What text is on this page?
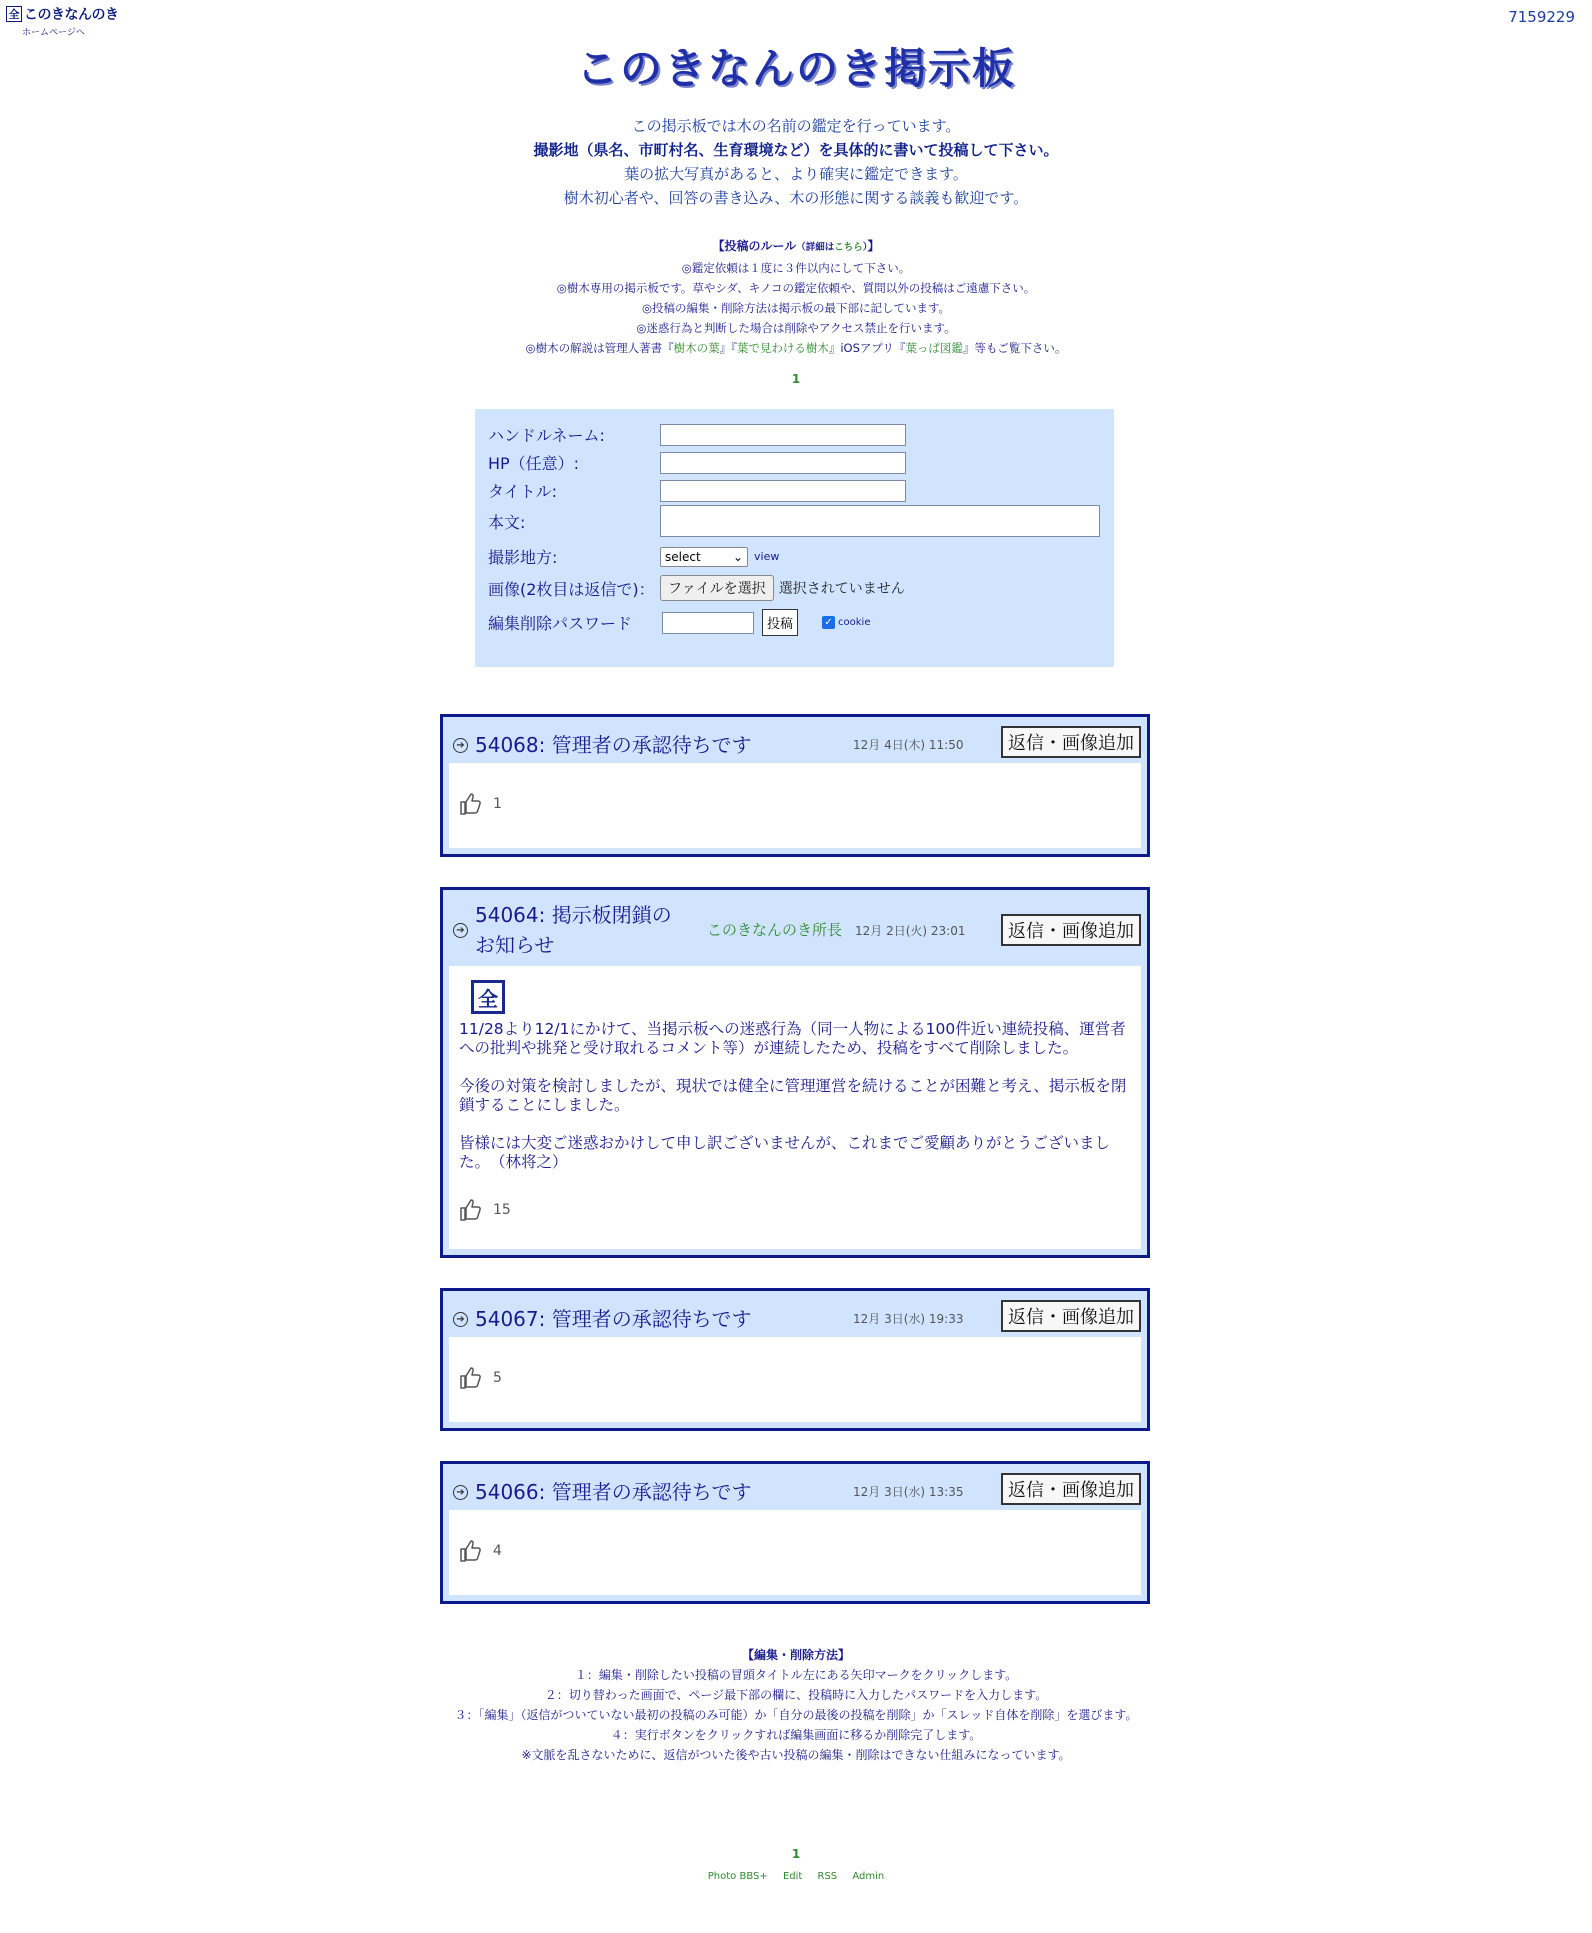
全 このきなんのき
ホームページへ
7159229
このきなんのき掲示板
この掲示板では木の名前の鑑定を行っています。
撮影地（県名、市町村名、生育環境など）を具体的に書いて投稿して下さい。
葉の拡大写真があると、より確実に鑑定できます。
樹木初心者や、回答の書き込み、木の形態に関する談義も歓迎です。
【投稿のルール（詳細はこちら）】
◎鑑定依頼は１度に３件以内にして下さい。
◎樹木専用の掲示板です。草やシダ、キノコの鑑定依頼や、質問以外の投稿はご遠慮下さい。
◎投稿の編集・削除方法は掲示板の最下部に記しています。
◎迷惑行為と判断した場合は削除やアクセス禁止を行います。
◎樹木の解説は管理人著書『樹木の葉』『葉で見わける樹木』iOSアプリ『葉っぱ図鑑』等もご覧下さい。
1
ハンドルネーム:
HP（任意）:
タイトル:
本文:
撮影地方:	select	⌄ view
画像(2枚目は返信で)： ファイルを選択 選択されていません
編集削除パスワード	投稿	✓ cookie
➔ 54068: 管理者の承認待ちです	12月 4日(木) 11:50	返信・画像追加
1
➔
54064: 掲示板閉鎖の
お知らせ
このきなんのき所長 12月 2日(火) 23:01	返信・画像追加
全
11/28より12/1にかけて、当掲示板への迷惑行為（同一人物による100件近い連続投稿、運営者への批判や挑発と受け取れるコメント等）が連続したため、投稿をすべて削除しました。
今後の対策を検討しましたが、現状では健全に管理運営を続けることが困難と考え、掲示板を閉鎖することにしました。
皆様には大変ご迷惑おかけして申し訳ございませんが、これまでご愛顧ありがとうございました。　（林将之）
15
➔ 54067: 管理者の承認待ちです	12月 3日(水) 19:33	返信・画像追加
5
➔ 54066: 管理者の承認待ちです	12月 3日(水) 13:35	返信・画像追加
4
【編集・削除方法】
１：編集・削除したい投稿の冒頭タイトル左にある矢印マークをクリックします。
２：切り替わった画面で、ページ最下部の欄に、投稿時に入力したパスワードを入力します。
３：「編集」（返信がついていない最初の投稿のみ可能）か「自分の最後の投稿を削除」か「スレッド自体を削除」を選びます。
４：実行ボタンをクリックすれば編集画面に移るか削除完了します。
※文脈を乱さないために、返信がついた後や古い投稿の編集・削除はできない仕組みになっています。
1
Photo BBS+ Edit RSS Admin
